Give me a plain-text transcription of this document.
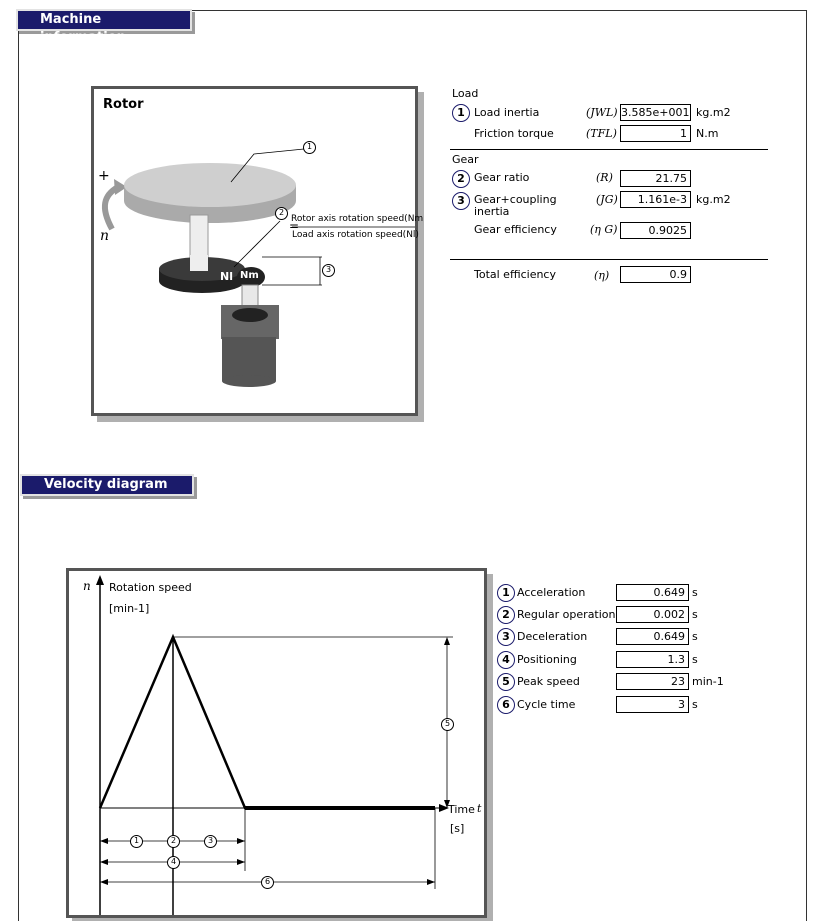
Machine information
Velocity diagram
Rotor
+
n
1
2
3
=
Rotor axis rotation speed(Nm
Load axis rotation speed(Nl)
Nl Nm
Load
1 Load inertia	(JWL) 3.585e+001 kg.m2
Friction torque	(TFL)	1 N.m
Gear
2 Gear ratio	(R)	21.75
3 Gear+coupling
inertia
(JG)	1.161e-3 kg.m2
Gear efficiency	(η G)	0.9025
Total efficiency	(η)	0.9
n Rotation speed
[min-1]
Time t
[s]
1	2	3
4
5
6
1 Acceleration	0.649 s
2 Regular operation	0.002 s
3 Deceleration	0.649 s
4 Positioning	1.3 s
5 Peak speed	23 min-1
6 Cycle time	3 s
